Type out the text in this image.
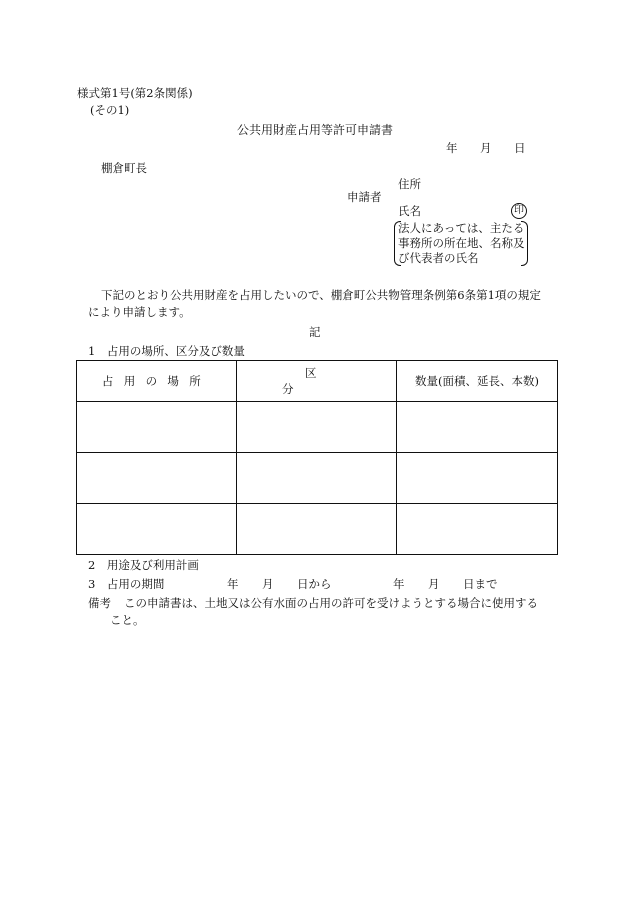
様式第1号(第2条関係)
(その1)
公共用財産占用等許可申請書
年 月 日
棚倉町長
申請者
住所
氏名	印
法人にあっては、主たる
事務所の所在地、名称及
び代表者の氏名
下記のとおり公共用財産を占用したいので、棚倉町公共物管理条例第6条第1項の規定
により申請します。
記
1　占用の場所、区分及び数量
占用の場所	区分	数量(面積、延長、本数)

2　用途及び利用計画
3　占用の期間	年 月 日から	年 月 日まで
備考 この申請書は、土地又は公有水面の占用の許可を受けようとする場合に使用する
こと。
